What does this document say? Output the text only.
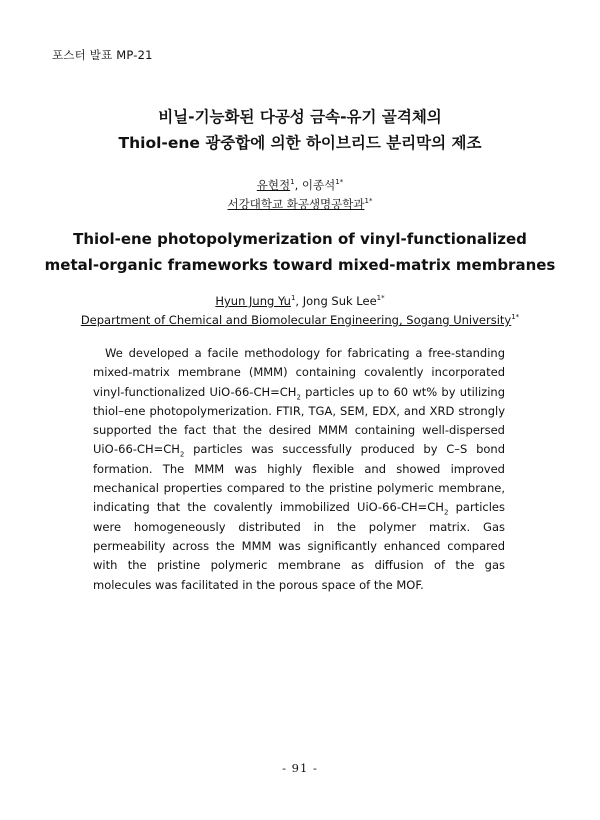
포스터 발표 MP-21
비닐-기능화된 다공성 금속-유기 골격체의
Thiol-ene 광중합에 의한 하이브리드 분리막의 제조
유현정$^1$, 이종석$^{1*}$
서강대학교 화공생명공학과$^{1*}$
Thiol-ene photopolymerization of vinyl-functionalized
metal-organic frameworks toward mixed-matrix membranes
Hyun Jung Yu$^1$, Jong Suk Lee$^{1*}$
Department of Chemical and Biomolecular Engineering, Sogang University$^{1*}$

We developed a facile methodology for fabricating a free-standing mixed-matrix membrane (MMM) containing covalently incorporated vinyl-functionalized UiO-$66-CH=CH_2$ particles up to 60 wt% by utilizing thiol–ene photopolymerization. FTIR, TGA, SEM, EDX, and XRD strongly supported the fact that the desired MMM containing well-dispersed UiO-$66-CH=CH_2$ particles was successfully produced by C–S bond formation. The MMM was highly flexible and showed improved mechanical properties compared to the pristine polymeric membrane, indicating that the covalently immobilized UiO-$66-CH=CH_2$ particles were homogeneously distributed in the polymer matrix. Gas permeability across the MMM was significantly enhanced compared with the pristine polymeric membrane as diffusion of the gas molecules was facilitated in the porous space of the MOF.

- 91 -
